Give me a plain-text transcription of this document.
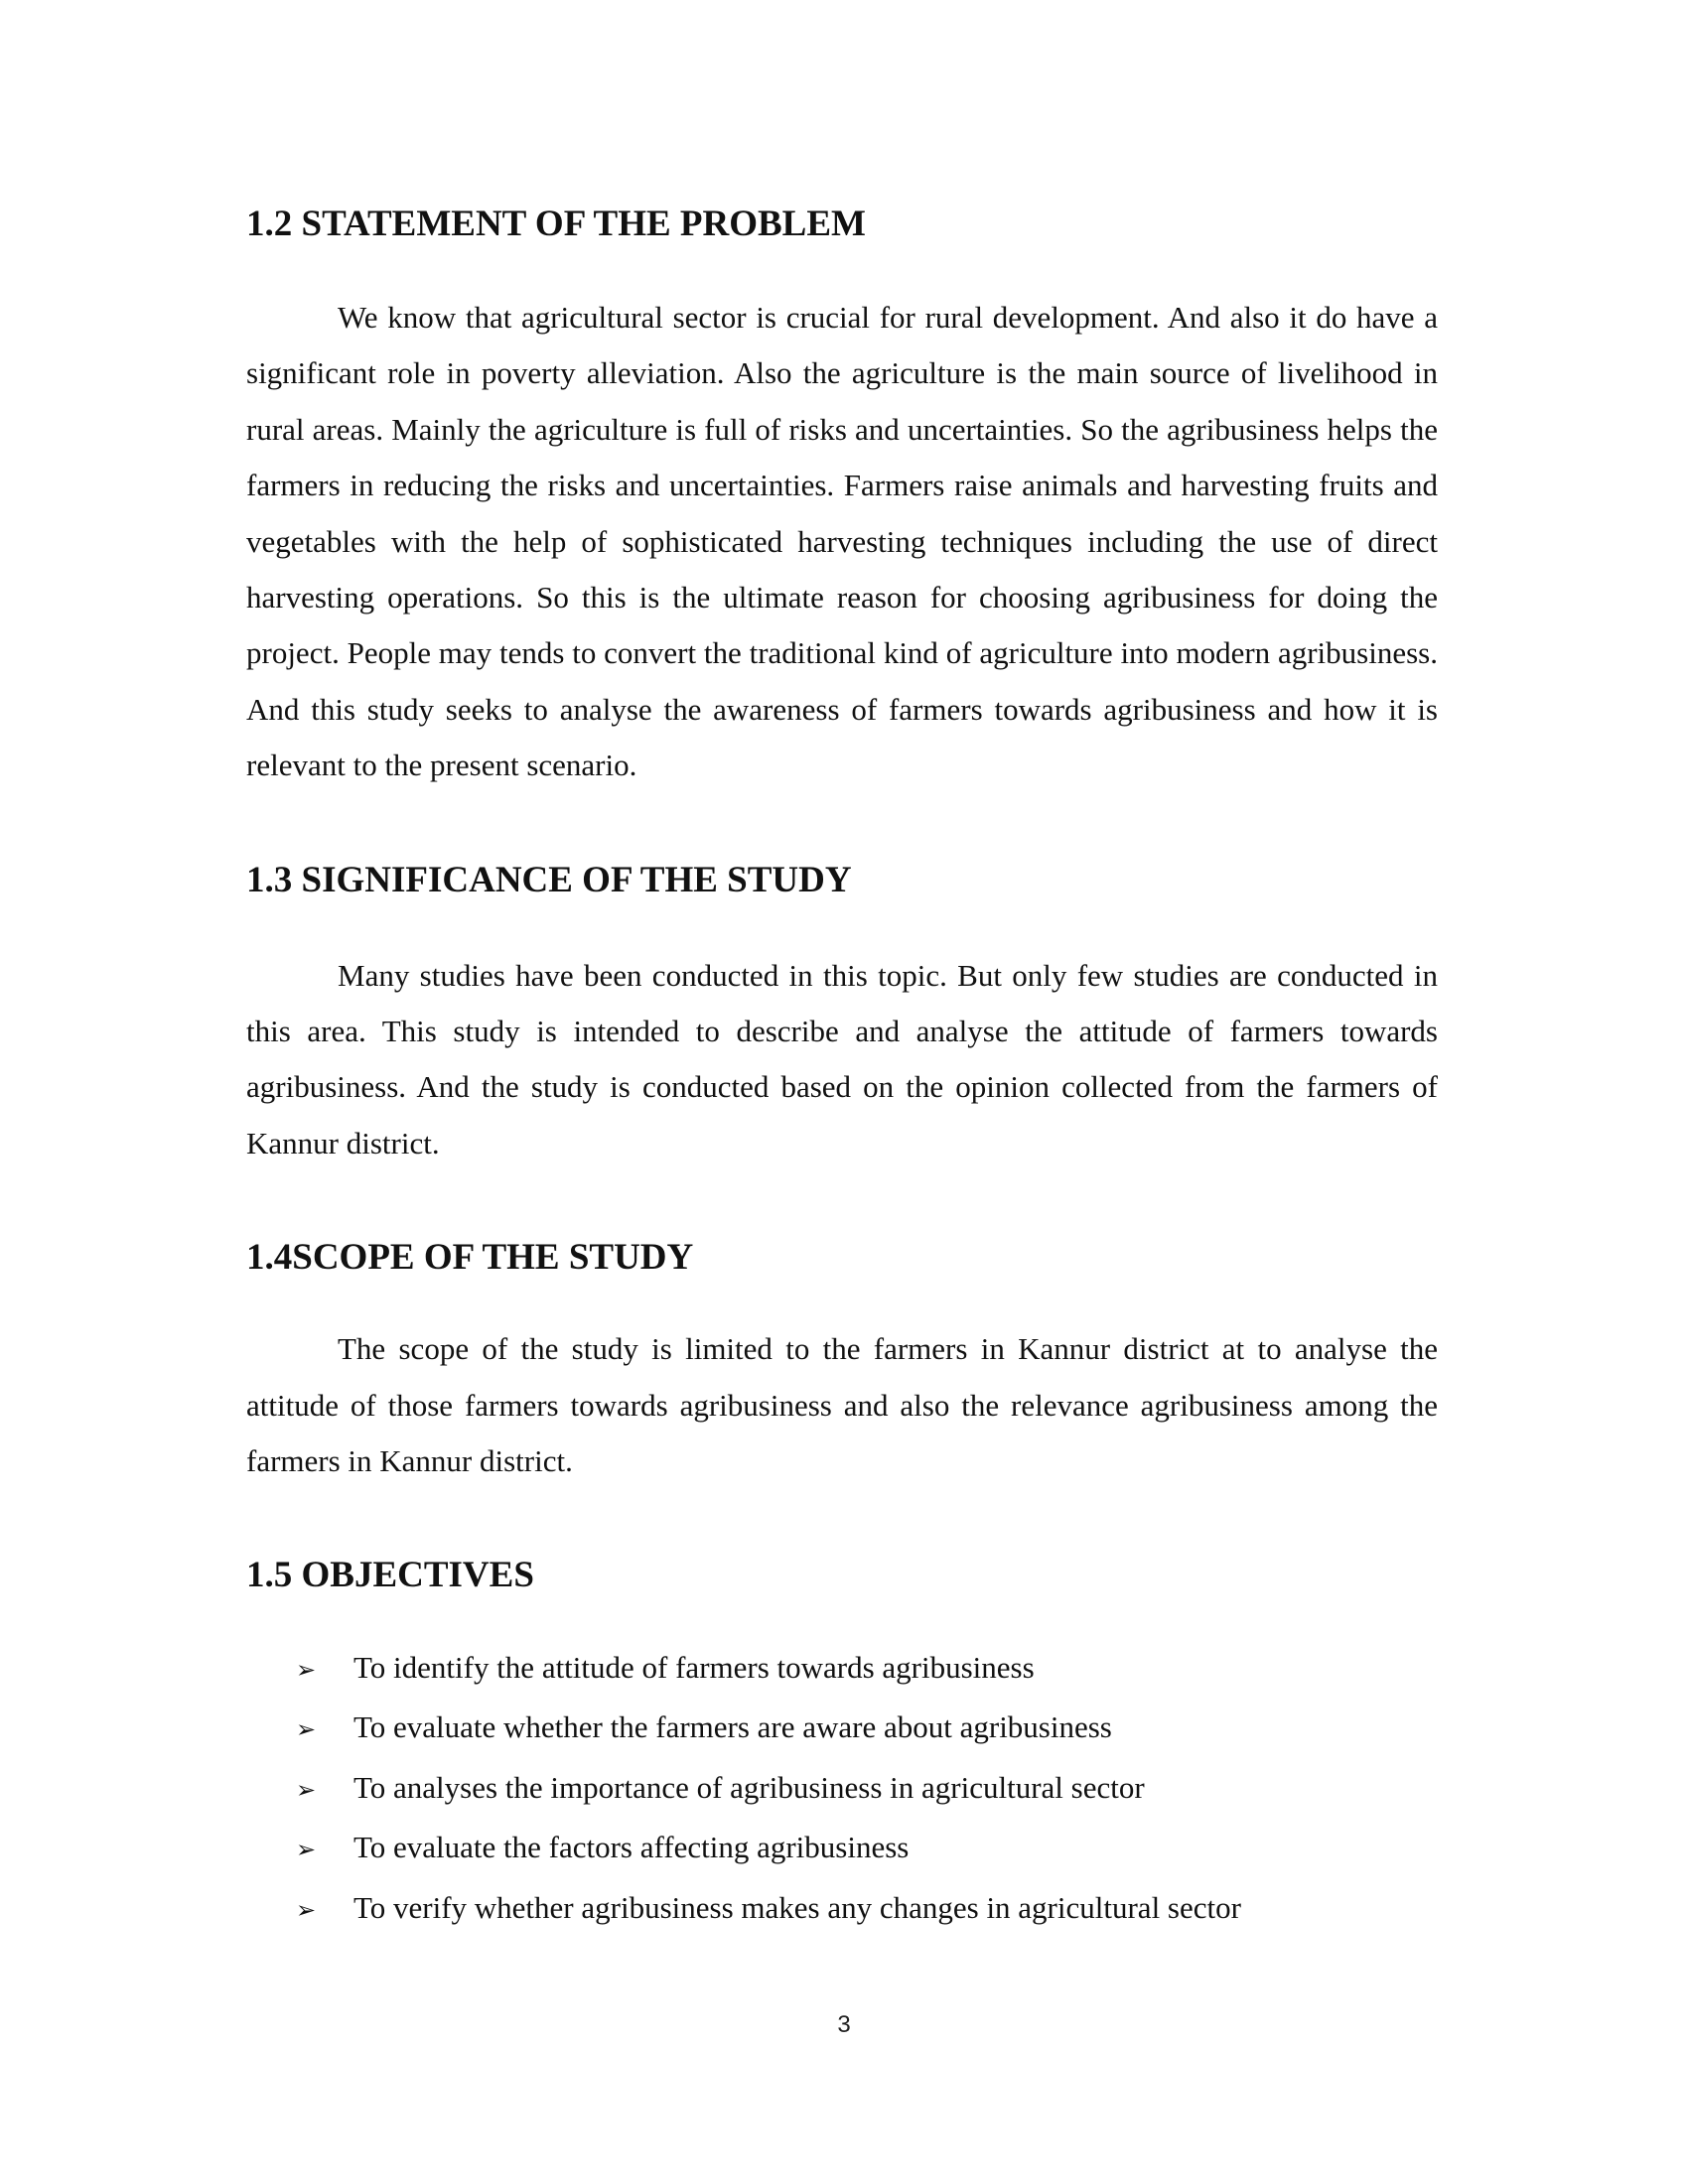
1.2 STATEMENT OF THE PROBLEM

We know that agricultural sector is crucial for rural development. And also it do have a significant role in poverty alleviation. Also the agriculture is the main source of livelihood in rural areas. Mainly the agriculture is full of risks and uncertainties. So the agribusiness helps the farmers in reducing the risks and uncertainties. Farmers raise animals and harvesting fruits and vegetables with the help of sophisticated harvesting techniques including the use of direct harvesting operations. So this is the ultimate reason for choosing agribusiness for doing the project. People may tends to convert the traditional kind of agriculture into modern agribusiness. And this study seeks to analyse the awareness of farmers towards agribusiness and how it is relevant to the present scenario.

1.3 SIGNIFICANCE OF THE STUDY

Many studies have been conducted in this topic. But only few studies are conducted in this area. This study is intended to describe and analyse the attitude of farmers towards agribusiness. And the study is conducted based on the opinion collected from the farmers of Kannur district.

1.4SCOPE OF THE STUDY

The scope of the study is limited to the farmers in Kannur district at to analyse the attitude of those farmers towards agribusiness and also the relevance agribusiness among the farmers in Kannur district.

1.5 OBJECTIVES
➢	To identify the attitude of farmers towards agribusiness
➢	To evaluate whether the farmers are aware about agribusiness
➢	To analyses the importance of agribusiness in agricultural sector
➢	To evaluate the factors affecting agribusiness
➢	To verify whether agribusiness makes any changes in agricultural sector
3
